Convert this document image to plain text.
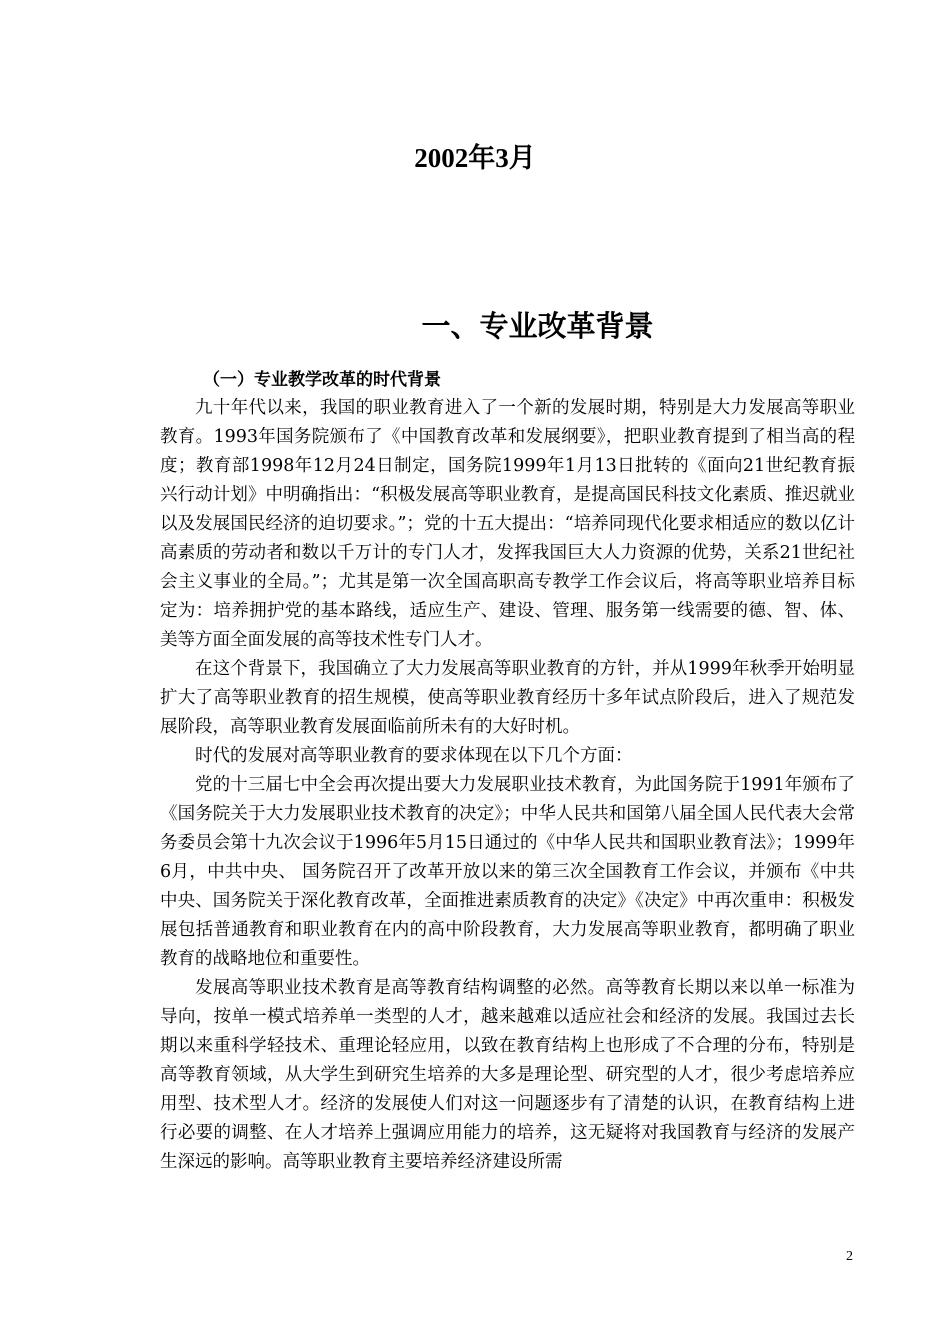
2002年3月
一、专业改革背景
（一）专业教学改革的时代背景

九十年代以来，我国的职业教育进入了一个新的发展时期，特别是大力发展高等职业教育。1993年国务院颁布了《中国教育改革和发展纲要》，把职业教育提到了相当高的程度；教育部1998年12月24日制定，国务院1999年1月13日批转的《面向21世纪教育振兴行动计划》中明确指出：“积极发展高等职业教育，是提高国民科技文化素质、推迟就业以及发展国民经济的迫切要求。”；党的十五大提出：“培养同现代化要求相适应的数以亿计高素质的劳动者和数以千万计的专门人才，发挥我国巨大人力资源的优势，关系21世纪社会主义事业的全局。”；尤其是第一次全国高职高专教学工作会议后，将高等职业培养目标定为：培养拥护党的基本路线，适应生产、建设、管理、服务第一线需要的德、智、体、美等方面全面发展的高等技术性专门人才。

在这个背景下，我国确立了大力发展高等职业教育的方针，并从1999年秋季开始明显扩大了高等职业教育的招生规模，使高等职业教育经历十多年试点阶段后，进入了规范发展阶段，高等职业教育发展面临前所未有的大好时机。

时代的发展对高等职业教育的要求体现在以下几个方面：

党的十三届七中全会再次提出要大力发展职业技术教育，为此国务院于1991年颁布了《国务院关于大力发展职业技术教育的决定》；中华人民共和国第八届全国人民代表大会常务委员会第十九次会议于1996年5月15日通过的《中华人民共和国职业教育法》；1999年6月，中共中央、 国务院召开了改革开放以来的第三次全国教育工作会议，并颁布《中共中央、国务院关于深化教育改革，全面推进素质教育的决定》《决定》中再次重申：积极发展包括普通教育和职业教育在内的高中阶段教育，大力发展高等职业教育，都明确了职业教育的战略地位和重要性。

发展高等职业技术教育是高等教育结构调整的必然。高等教育长期以来以单一标准为导向，按单一模式培养单一类型的人才，越来越难以适应社会和经济的发展。我国过去长期以来重科学轻技术、重理论轻应用，以致在教育结构上也形成了不合理的分布，特别是高等教育领域，从大学生到研究生培养的大多是理论型、研究型的人才，很少考虑培养应用型、技术型人才。经济的发展使人们对这一问题逐步有了清楚的认识，在教育结构上进行必要的调整、在人才培养上强调应用能力的培养，这无疑将对我国教育与经济的发展产生深远的影响。高等职业教育主要培养经济建设所需

2
